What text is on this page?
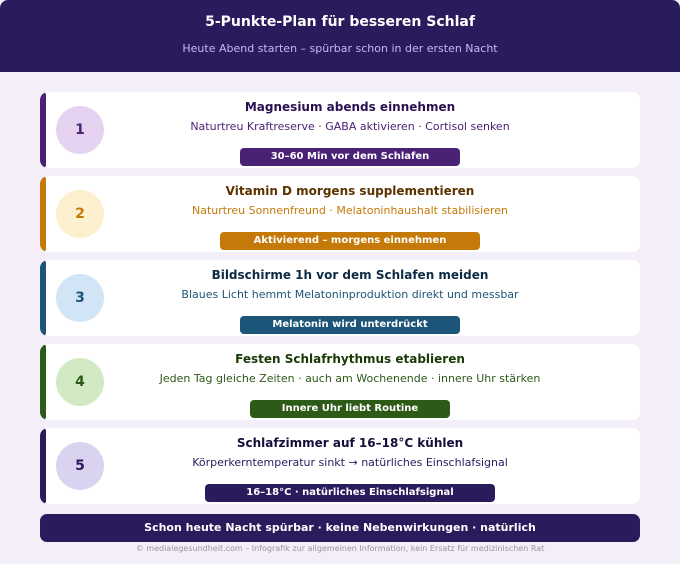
5-Punkte-Plan für besseren Schlaf
Heute Abend starten – spürbar schon in der ersten Nacht
1
Magnesium abends einnehmen
Naturtreu Kraftreserve · GABA aktivieren · Cortisol senken
30–60 Min vor dem Schlafen
2
Vitamin D morgens supplementieren
Naturtreu Sonnenfreund · Melatoninhaushalt stabilisieren
Aktivierend – morgens einnehmen
3
Bildschirme 1h vor dem Schlafen meiden
Blaues Licht hemmt Melatoninproduktion direkt und messbar
Melatonin wird unterdrückt
4
Festen Schlafrhythmus etablieren
Jeden Tag gleiche Zeiten · auch am Wochenende · innere Uhr stärken
Innere Uhr liebt Routine
5
Schlafzimmer auf 16–18°C kühlen
Körperkerntemperatur sinkt → natürliches Einschlafsignal
16–18°C · natürliches Einschlafsignal
Schon heute Nacht spürbar · keine Nebenwirkungen · natürlich
© medialegesundheit.com – Infografik zur allgemeinen Information, kein Ersatz für medizinischen Rat
